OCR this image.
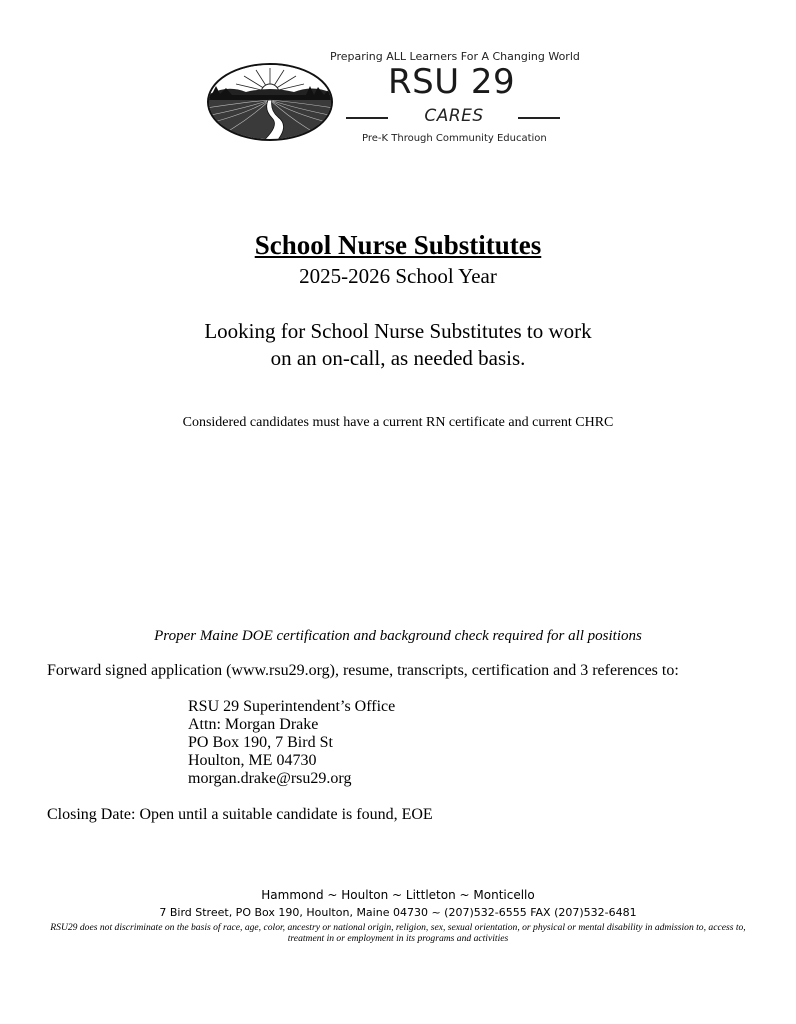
Preparing ALL Learners For A Changing World
RSU 29
CARES
Pre-K Through Community Education
School Nurse Substitutes
2025-2026 School Year
Looking for School Nurse Substitutes to work
on an on-call, as needed basis.
Considered candidates must have a current RN certificate and current CHRC
Proper Maine DOE certification and background check required for all positions
Forward signed application (www.rsu29.org), resume, transcripts, certification and 3 references to:
RSU 29 Superintendent’s Office
Attn: Morgan Drake
PO Box 190, 7 Bird St
Houlton, ME 04730
morgan.drake@rsu29.org
Closing Date: Open until a suitable candidate is found, EOE
Hammond ~ Houlton ~ Littleton ~ Monticello
7 Bird Street, PO Box 190, Houlton, Maine 04730 ~ (207)532-6555 FAX (207)532-6481
RSU29 does not discriminate on the basis of race, age, color, ancestry or national origin, religion, sex, sexual orientation, or physical or mental disability in admission to, access to, treatment in or employment in its programs and activities
